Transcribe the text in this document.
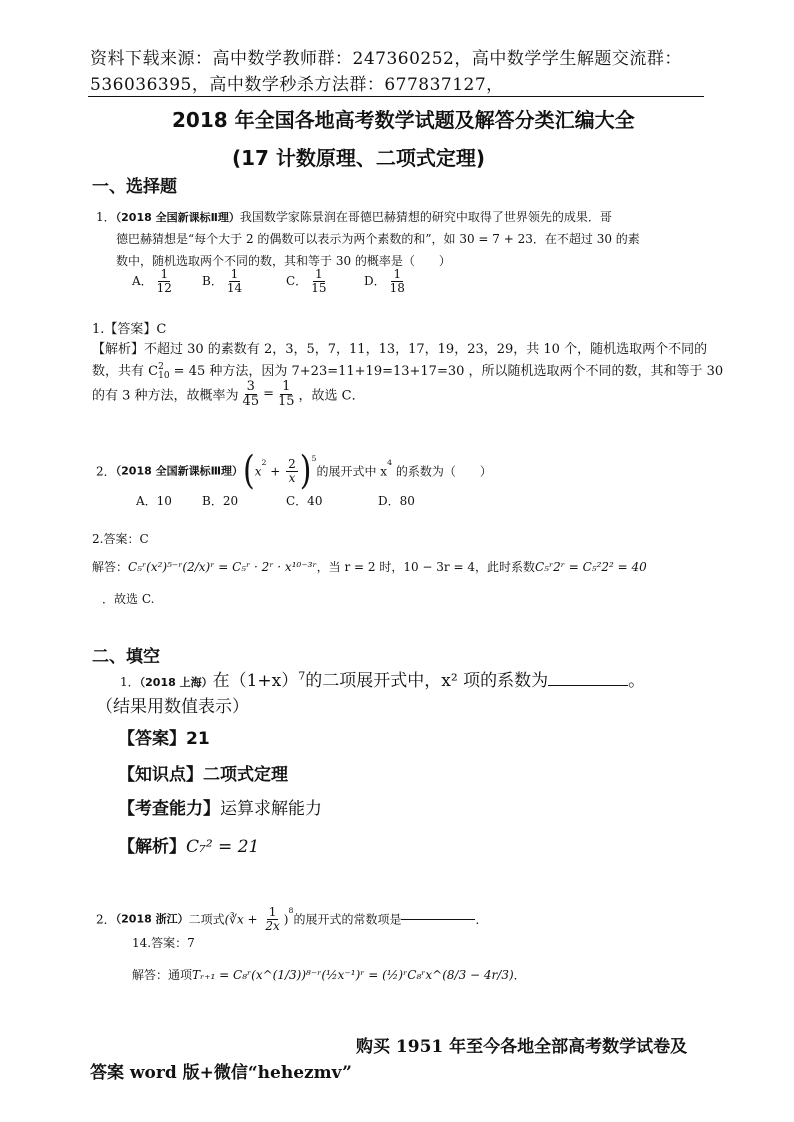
资料下载来源：高中数学教师群：247360252，高中数学学生解题交流群：
536036395，高中数学秒杀方法群：677837127，
2018 年全国各地高考数学试题及解答分类汇编大全
(17 计数原理、二项式定理)
一、选择题
1．（2018 全国新课标Ⅱ理）我国数学家陈景润在哥德巴赫猜想的研究中取得了世界领先的成果．哥
德巴赫猜想是“每个大于 2 的偶数可以表示为两个素数的和”，如 30 = 7 + 23．在不超过 30 的素
数中，随机选取两个不同的数，其和等于 30 的概率是（　　）
A． $\frac{1}{12}$ B． $\frac{1}{14}$	C． $\frac{1}{15}$	D． $\frac{1}{18}$
1.【答案】C
【解析】不超过 30 的素数有 2，3，5，7，11，13，17，19，23，29，共 10 个，随机选取两个不同的
数，共有 C 2
10 = 45 种方法，因为 7+23=11+19=13+17=30 ，所以随机选取两个不同的数，其和等于 30
的有 3 种方法，故概率为 $\frac{3}{45} = \frac{1}{15}$ ，故选 C．
2．（2018 全国新课标Ⅲ理）$(x^2 + \frac{2}{x} )^5$的展开式中 $x^4$ 的系数为（　　）
A．10	B．20	C．40	D．80
2.答案：C
解答：C₅ʳ(x²)⁵⁻ʳ(2/x)ʳ = C₅ʳ · 2ʳ · x¹⁰⁻³ʳ，当 r = 2 时，10 − 3r = 4，此时系数C₅ʳ2ʳ = C₅²2² = 40
．故选 C.
二、填空
1．（2018 上海）在$(1+x)^7$的二项展开式中，x² 项的系数为	。
（结果用数值表示）
【答案】21
【知识点】二项式定理
【考查能力】运算求解能力
【解析】C₇² = 21
2．（2018 浙江）二项式(∛x + $\frac{1}{2x} )^8$的展开式的常数项是	．
14.答案：7
解答：通项Tᵣ₊₁ = C₈ʳ(x^(1/3))⁸⁻ʳ(½x⁻¹)ʳ = (½)ʳC₈ʳx^(8/3 − 4r/3)．
购买 1951 年至今各地全部高考数学试卷及
答案 word 版+微信“hehezmv”
